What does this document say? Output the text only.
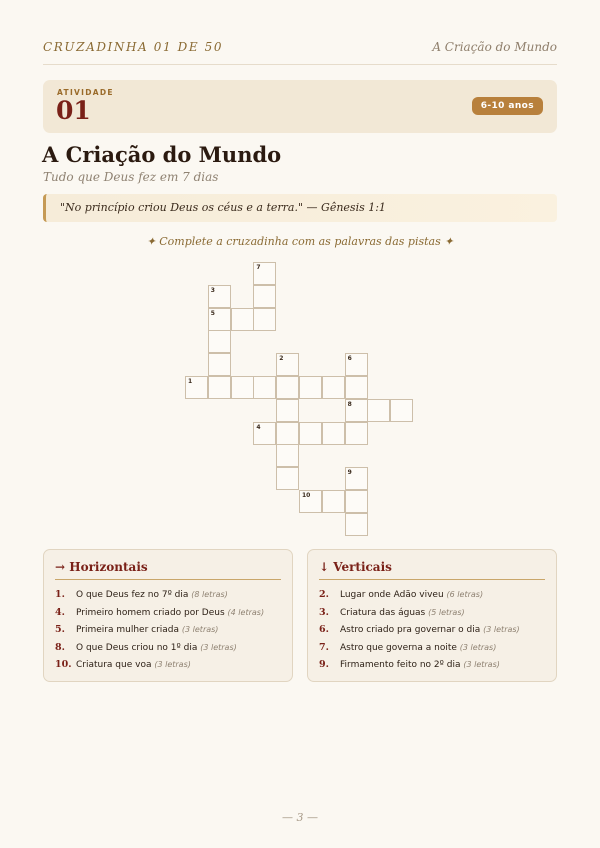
CRUZADINHA 01 DE 50	A Criação do Mundo
ATIVIDADE
01	6-10 anos
A Criação do Mundo
Tudo que Deus fez em 7 dias
"No princípio criou Deus os céus e a terra." — Gênesis 1:1
✦ Complete a cruzadinha com as palavras das pistas ✦
1
4
5
8
10
2
3
6
7
9
→ Horizontais
1. O que Deus fez no 7º dia (8 letras)
4. Primeiro homem criado por Deus (4 letras)
5. Primeira mulher criada (3 letras)
8. O que Deus criou no 1º dia (3 letras)
10. Criatura que voa (3 letras)
↓ Verticais
2. Lugar onde Adão viveu (6 letras)
3. Criatura das águas (5 letras)
6. Astro criado pra governar o dia (3 letras)
7. Astro que governa a noite (3 letras)
9. Firmamento feito no 2º dia (3 letras)
— 3 —
